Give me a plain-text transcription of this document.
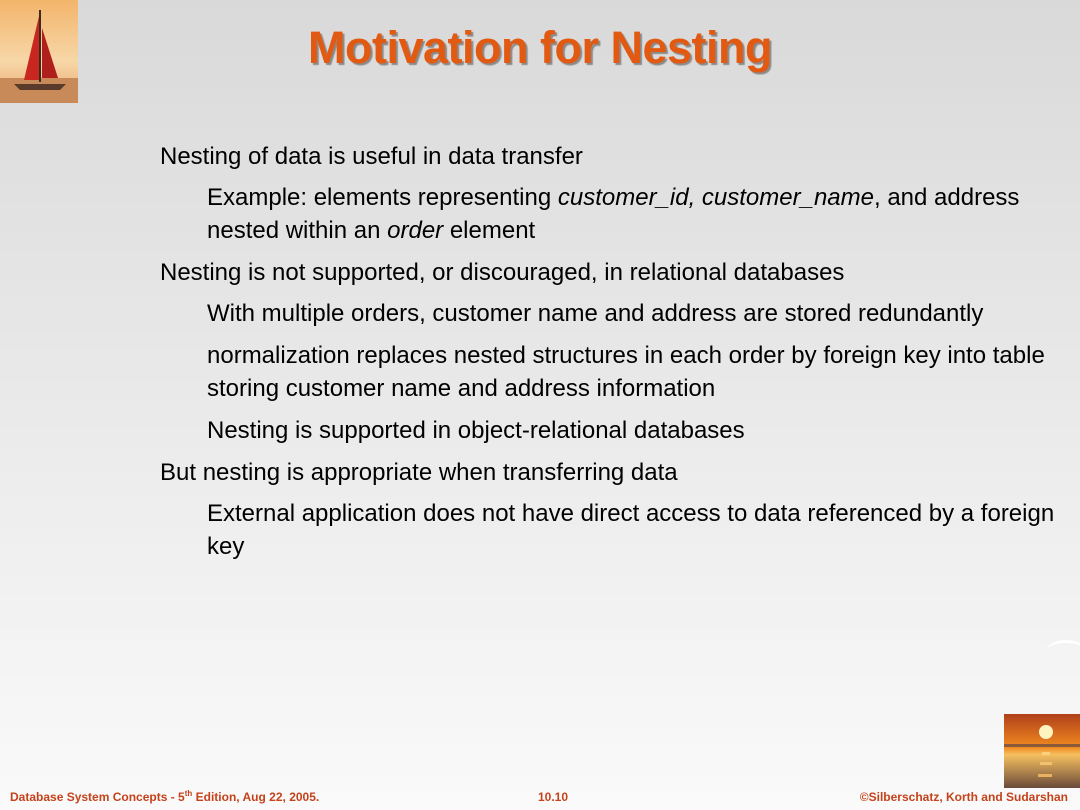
Motivation for Nesting
Nesting of data is useful in data transfer
Example: elements representing customer_id, customer_name, and address nested within an order element
Nesting is not supported, or discouraged, in relational databases
With multiple orders, customer name and address are stored redundantly
normalization replaces nested structures in each order by foreign key into table storing customer name and address information
Nesting is supported in object-relational databases
But nesting is appropriate when transferring data
External application does not have direct access to data referenced by a foreign key
Database System Concepts - 5th Edition, Aug 22, 2005.	10.10	©Silberschatz, Korth and Sudarshan
